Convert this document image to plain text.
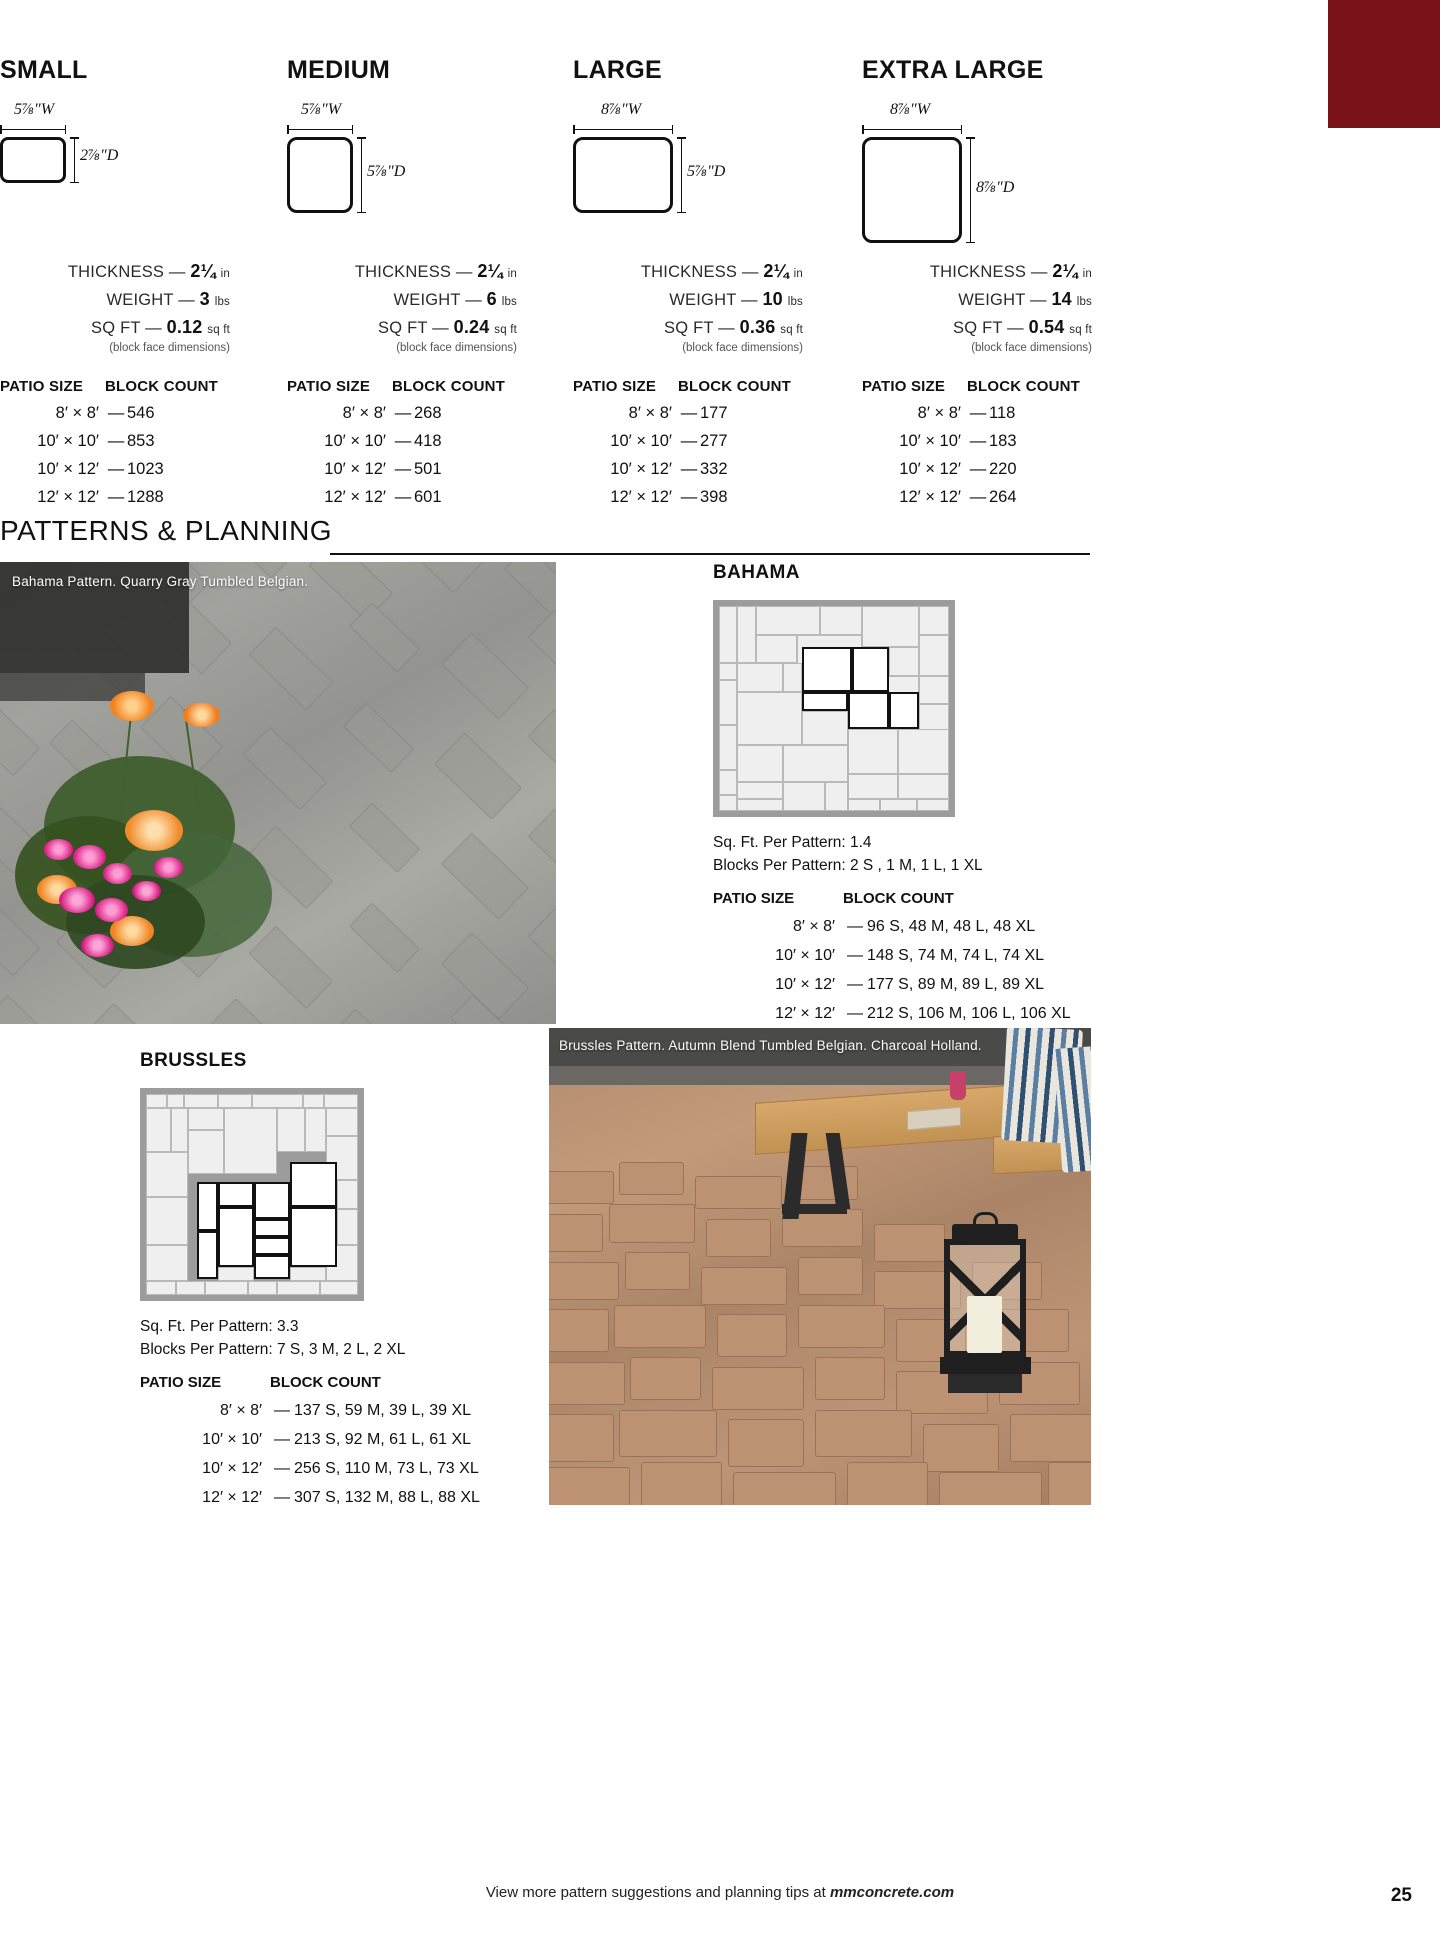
SMALL
5⅞"W
2⅞"D
THICKNESS — 2¼ in
WEIGHT — 3 lbs
SQ FT — 0.12 sq ft
(block face dimensions)
PATIO SIZE	BLOCK COUNT
8′ × 8′ — 546
10′ × 10′ — 853
10′ × 12′ — 1023
12′ × 12′ — 1288
MEDIUM
5⅞"W
5⅞"D
THICKNESS — 2¼ in
WEIGHT — 6 lbs
SQ FT — 0.24 sq ft
(block face dimensions)
PATIO SIZE	BLOCK COUNT
8′ × 8′ — 268
10′ × 10′ — 418
10′ × 12′ — 501
12′ × 12′ — 601
LARGE
8⅞"W
5⅞"D
THICKNESS — 2¼ in
WEIGHT — 10 lbs
SQ FT — 0.36 sq ft
(block face dimensions)
PATIO SIZE	BLOCK COUNT
8′ × 8′ — 177
10′ × 10′ — 277
10′ × 12′ — 332
12′ × 12′ — 398
EXTRA LARGE
8⅞"W
8⅞"D
THICKNESS — 2¼ in
WEIGHT — 14 lbs
SQ FT — 0.54 sq ft
(block face dimensions)
PATIO SIZE	BLOCK COUNT
8′ × 8′ — 118
10′ × 10′ — 183
10′ × 12′ — 220
12′ × 12′ — 264
PATTERNS & PLANNING
Bahama Pattern. Quarry Gray Tumbled Belgian.	BAHAMA
Sq. Ft. Per Pattern: 1.4
Blocks Per Pattern: 2 S , 1 M, 1 L, 1 XL
PATIO SIZE	BLOCK COUNT
8′ × 8′ — 96 S, 48 M, 48 L, 48 XL
10′ × 10′ — 148 S, 74 M, 74 L, 74 XL
10′ × 12′ — 177 S, 89 M, 89 L, 89 XL
12′ × 12′ — 212 S, 106 M, 106 L, 106 XL
BRUSSLES
Sq. Ft. Per Pattern: 3.3
Blocks Per Pattern: 7 S, 3 M, 2 L, 2 XL
PATIO SIZE	BLOCK COUNT
8′ × 8′ — 137 S, 59 M, 39 L, 39 XL
10′ × 10′ — 213 S, 92 M, 61 L, 61 XL
10′ × 12′ — 256 S, 110 M, 73 L, 73 XL
12′ × 12′ — 307 S, 132 M, 88 L, 88 XL
Brussles Pattern. Autumn Blend Tumbled Belgian. Charcoal Holland.
View more pattern suggestions and planning tips at mmconcrete.com	25
